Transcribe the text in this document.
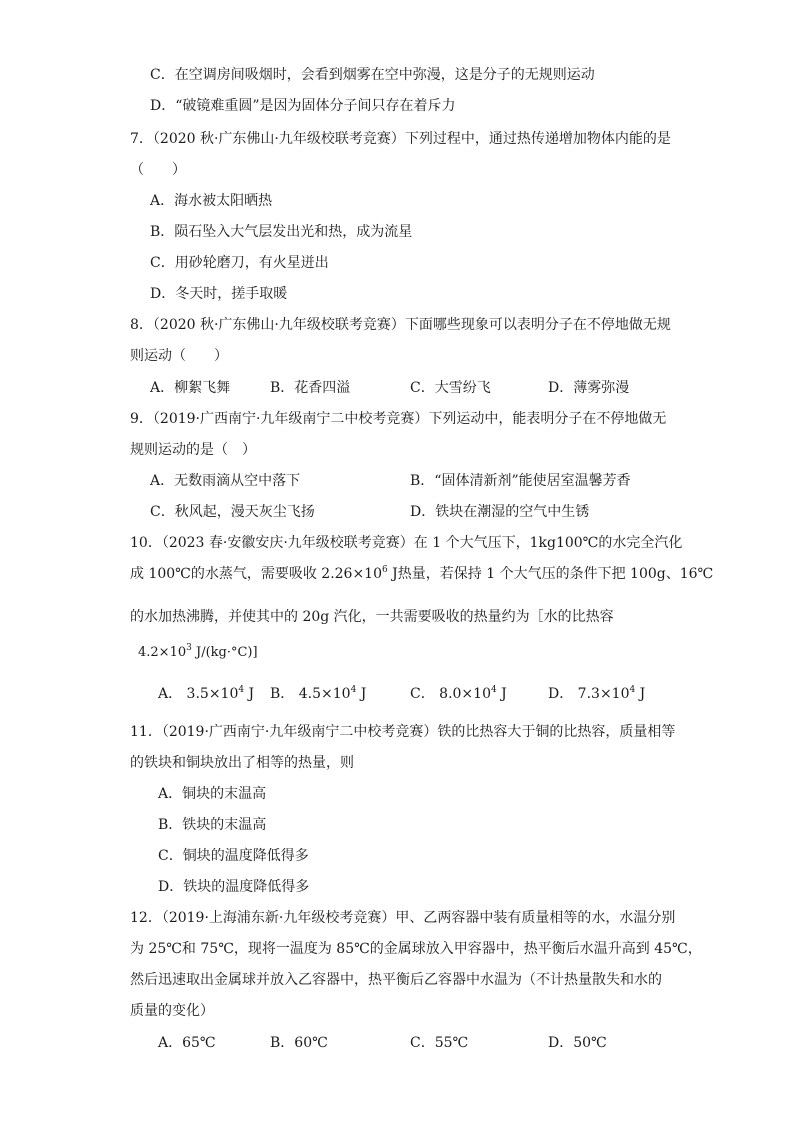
C．在空调房间吸烟时，会看到烟雾在空中弥漫，这是分子的无规则运动
D．“破镜难重圆”是因为固体分子间只存在着斥力
7．（2020 秋·广东佛山·九年级校联考竞赛）下列过程中，通过热传递增加物体内能的是
（　　）
A．海水被太阳晒热
B．陨石坠入大气层发出光和热，成为流星
C．用砂轮磨刀，有火星迸出
D．冬天时，搓手取暖
8．（2020 秋·广东佛山·九年级校联考竞赛）下面哪些现象可以表明分子在不停地做无规
则运动（　　）
A．柳絮飞舞	B．花香四溢	C．大雪纷飞	D．薄雾弥漫
9．（2019·广西南宁·九年级南宁二中校考竞赛）下列运动中，能表明分子在不停地做无
规则运动的是（　）
A．无数雨滴从空中落下	B．“固体清新剂”能使居室温馨芳香
C．秋风起，漫天灰尘飞扬	D．铁块在潮湿的空气中生锈
10．（2023 春·安徽安庆·九年级校联考竞赛）在 1 个大气压下，1kg100℃的水完全汽化
成 100℃的水蒸气，需要吸收 $2.26\times 10^6$ J热量，若保持 1 个大气压的条件下把 100g、16℃
的水加热沸腾，并使其中的 20g 汽化，一共需要吸收的热量约为［水的比热容
$4.2\times 10^3$ J/(kg·°C)]
A． $3.5\times 10^4$ J B． $4.5\times 10^4$ J	C． $8.0\times 10^4$ J	D． $7.3\times 10^4$ J
11．（2019·广西南宁·九年级南宁二中校考竞赛）铁的比热容大于铜的比热容，质量相等
的铁块和铜块放出了相等的热量，则
A．铜块的末温高
B．铁块的末温高
C．铜块的温度降低得多
D．铁块的温度降低得多
12．（2019·上海浦东新·九年级校考竞赛）甲、乙两容器中装有质量相等的水，水温分别
为 25℃和 75℃，现将一温度为 85℃的金属球放入甲容器中，热平衡后水温升高到 45℃，
然后迅速取出金属球并放入乙容器中，热平衡后乙容器中水温为（不计热量散失和水的
质量的变化）
A．65℃	B．60℃	C．55℃	D．50℃
